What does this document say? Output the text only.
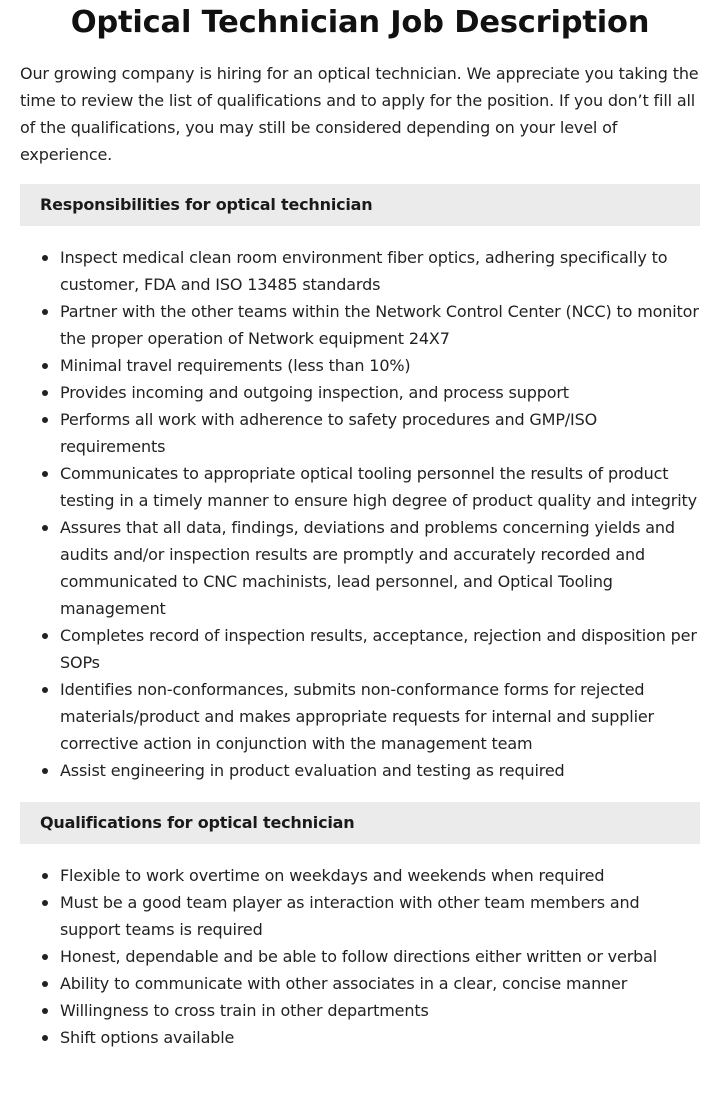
Optical Technician Job Description

Our growing company is hiring for an optical technician. We appreciate you taking the time to review the list of qualifications and to apply for the position. If you don’t fill all of the qualifications, you may still be considered depending on your level of experience.

Responsibilities for optical technician
Inspect medical clean room environment fiber optics, adhering specifically to customer, FDA and ISO 13485 standards
Partner with the other teams within the Network Control Center (NCC) to monitor the proper operation of Network equipment 24X7
Minimal travel requirements (less than 10%)
Provides incoming and outgoing inspection, and process support
Performs all work with adherence to safety procedures and GMP/ISO requirements
Communicates to appropriate optical tooling personnel the results of product testing in a timely manner to ensure high degree of product quality and integrity
Assures that all data, findings, deviations and problems concerning yields and audits and/or inspection results are promptly and accurately recorded and communicated to CNC machinists, lead personnel, and Optical Tooling management
Completes record of inspection results, acceptance, rejection and disposition per SOPs
Identifies non-conformances, submits non-conformance forms for rejected materials/product and makes appropriate requests for internal and supplier corrective action in conjunction with the management team
Assist engineering in product evaluation and testing as required
Qualifications for optical technician
Flexible to work overtime on weekdays and weekends when required
Must be a good team player as interaction with other team members and support teams is required
Honest, dependable and be able to follow directions either written or verbal
Ability to communicate with other associates in a clear, concise manner
Willingness to cross train in other departments
Shift options available
